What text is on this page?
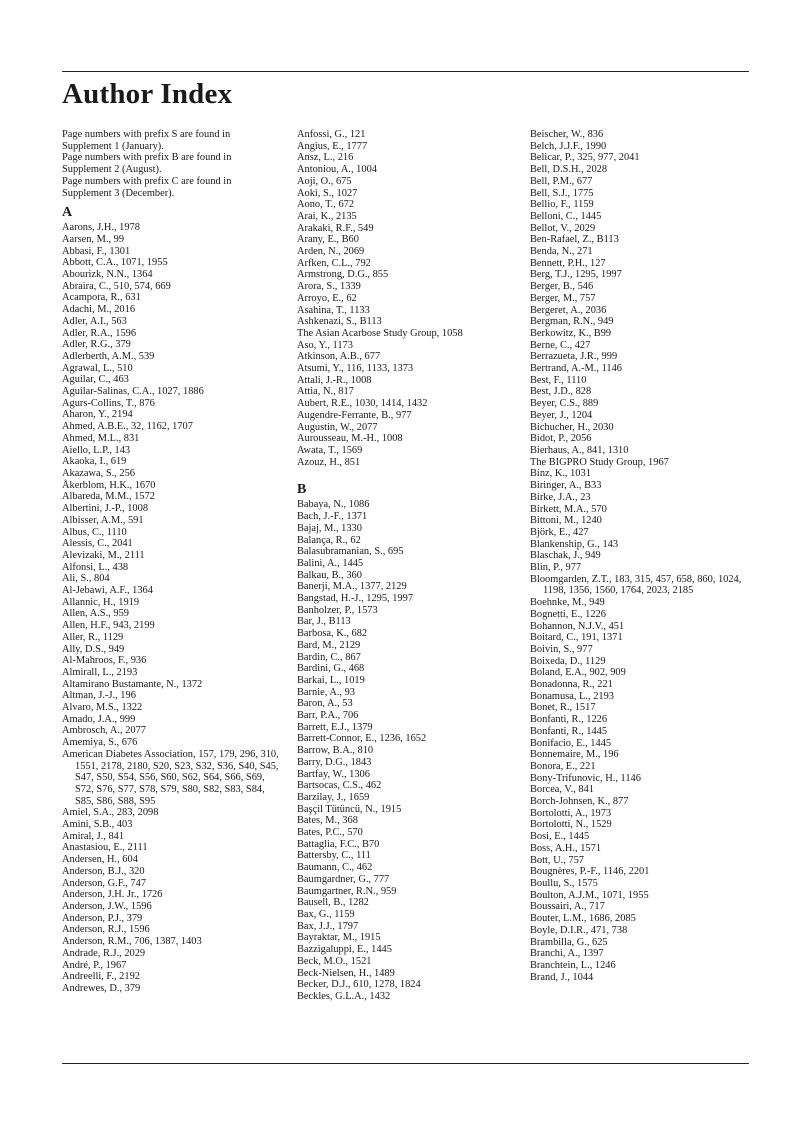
Author Index

Page numbers with prefix S are found in Supplement 1 (January).

Page numbers with prefix B are found in Supplement 2 (August).

Page numbers with prefix C are found in Supplement 3 (December).

A

Aarons, J.H., 1978

Aarsen, M., 99

Abbasi, F., 1301

Abbott, C.A., 1071, 1955

Abourizk, N.N., 1364

Abraira, C., 510, 574, 669

Acampora, R., 631

Adachi, M., 2016

Adler, A.I., 563

Adler, R.A., 1596

Adler, R.G., 379

Adlerberth, A.M., 539

Agrawal, L., 510

Aguilar, C., 463

Aguilar-Salinas, C.A., 1027, 1886

Agurs-Collins, T., 876

Aharon, Y., 2194

Ahmed, A.B.E., 32, 1162, 1707

Ahmed, M.L., 831

Aiello, L.P., 143

Akaoka, I., 619

Akazawa, S., 256

Åkerblom, H.K., 1670

Albareda, M.M., 1572

Albertini, J.-P., 1008

Albisser, A.M., 591

Albus, C., 1110

Alessis, C., 2041

Alevizaki, M., 2111

Alfonsi, L., 438

Ali, S., 804

Al-Jebawi, A.F., 1364

Allannic, H., 1919

Allen, A.S., 959

Allen, H.F., 943, 2199

Aller, R., 1129

Ally, D.S., 949

Al-Mahroos, F., 936

Almirall, L., 2193

Altamirano Bustamante, N., 1372

Altman, J.-J., 196

Alvaro, M.S., 1322

Amado, J.A., 999

Ambrosch, A., 2077

Amemiya, S., 676

American Diabetes Association, 157, 179, 296, 310, 1551, 2178, 2180, S20, S23, S32, S36, S40, S45, S47, S50, S54, S56, S60, S62, S64, S66, S69, S72, S76, S77, S78, S79, S80, S82, S83, S84, S85, S86, S88, S95

Amiel, S.A., 283, 2098

Amini, S.B., 403

Amiral, J., 841

Anastasiou, E., 2111

Andersen, H., 604

Anderson, B.J., 320

Anderson, G.F., 747

Anderson, J.H. Jr., 1726

Anderson, J.W., 1596

Anderson, P.J., 379

Anderson, R.J., 1596

Anderson, R.M., 706, 1387, 1403

Andrade, R.J., 2029

André, P., 1967

Andreelli, F., 2192

Andrewes, D., 379

Anfossi, G., 121

Angius, E., 1777

Ansz, L., 216

Antoniou, A., 1004

Aoji, O., 675

Aoki, S., 1027

Aono, T., 672

Arai, K., 2135

Arakaki, R.F., 549

Arany, E., B60

Arden, N., 2069

Arfken, C.L., 792

Armstrong, D.G., 855

Arora, S., 1339

Arroyo, E., 62

Asahina, T., 1133

Ashkenazi, S., B113

The Asian Acarbose Study Group, 1058

Aso, Y., 1173

Atkinson, A.B., 677

Atsumi, Y., 116, 1133, 1373

Attali, J.-R., 1008

Attia, N., 817

Aubert, R.E., 1030, 1414, 1432

Augendre-Ferrante, B., 977

Augustin, W., 2077

Aurousseau, M.-H., 1008

Awata, T., 1569

Azouz, H., 851

B

Babaya, N., 1086

Bach, J.-F., 1371

Bajaj, M., 1330

Balança, R., 62

Balasubramanian, S., 695

Balini, A., 1445

Balkau, B., 360

Banerji, M.A., 1377, 2129

Bangstad, H.-J., 1295, 1997

Banholzer, P., 1573

Bar, J., B113

Barbosa, K., 682

Bard, M., 2129

Bardin, C., 867

Bardini, G., 468

Barkai, L., 1019

Barnie, A., 93

Baron, A., 53

Barr, P.A., 706

Barrett, E.J., 1379

Barrett-Connor, E., 1236, 1652

Barrow, B.A., 810

Barry, D.G., 1843

Bartfay, W., 1306

Bartsocas, C.S., 462

Barzilay, J., 1659

Başçil Tütüncü, N., 1915

Bates, M., 368

Bates, P.C., 570

Battaglia, F.C., B70

Battersby, C., 111

Baumann, C., 462

Baumgardner, G., 777

Baumgartner, R.N., 959

Bausell, B., 1282

Bax, G., 1159

Bax, J.J., 1797

Bayraktar, M., 1915

Bazzigaluppi, E., 1445

Beck, M.O., 1521

Beck-Nielsen, H., 1489

Becker, D.J., 610, 1278, 1824

Beckles, G.L.A., 1432

Beischer, W., 836

Belch, J.J.F., 1990

Belicar, P., 325, 977, 2041

Bell, D.S.H., 2028

Bell, P.M., 677

Bell, S.J., 1775

Bellio, F., 1159

Belloni, C., 1445

Bellot, V., 2029

Ben-Rafael, Z., B113

Benda, N., 271

Bennett, P.H., 127

Berg, T.J., 1295, 1997

Berger, B., 546

Berger, M., 757

Bergeret, A., 2036

Bergman, R.N., 949

Berkowitz, K., B99

Berne, C., 427

Berrazueta, J.R., 999

Bertrand, A.-M., 1146

Best, F., 1110

Best, J.D., 828

Beyer, C.S., 889

Beyer, J., 1204

Bichucher, H., 2030

Bidot, P., 2056

Bierhaus, A., 841, 1310

The BIGPRO Study Group, 1967

Binz, K., 1031

Biringer, A., B33

Birke, J.A., 23

Birkett, M.A., 570

Bittoni, M., 1240

Björk, E., 427

Blankenship, G., 143

Blaschak, J., 949

Blin, P., 977

Bloomgarden, Z.T., 183, 315, 457, 658, 860, 1024, 1198, 1356, 1560, 1764, 2023, 2185

Boehnke, M., 949

Bognetti, E., 1226

Bohannon, N.J.V., 451

Boitard, C., 191, 1371

Boivin, S., 977

Boixeda, D., 1129

Boland, E.A., 902, 909

Bonadonna, R., 221

Bonamusa, L., 2193

Bonet, R., 1517

Bonfanti, R., 1226

Bonfanti, R., 1445

Bonifacio, E., 1445

Bonnemaire, M., 196

Bonora, E., 221

Bony-Trifunovic, H., 1146

Borcea, V., 841

Borch-Johnsen, K., 877

Bortolotti, A., 1973

Bortolotti, N., 1529

Bosi, E., 1445

Boss, A.H., 1571

Bott, U., 757

Bougnères, P.-F., 1146, 2201

Boullu, S., 1575

Boulton, A.J.M., 1071, 1955

Boussairi, A., 717

Bouter, L.M., 1686, 2085

Boyle, D.I.R., 471, 738

Brambilla, G., 625

Branchi, A., 1397

Branchtein, L., 1246

Brand, J., 1044
